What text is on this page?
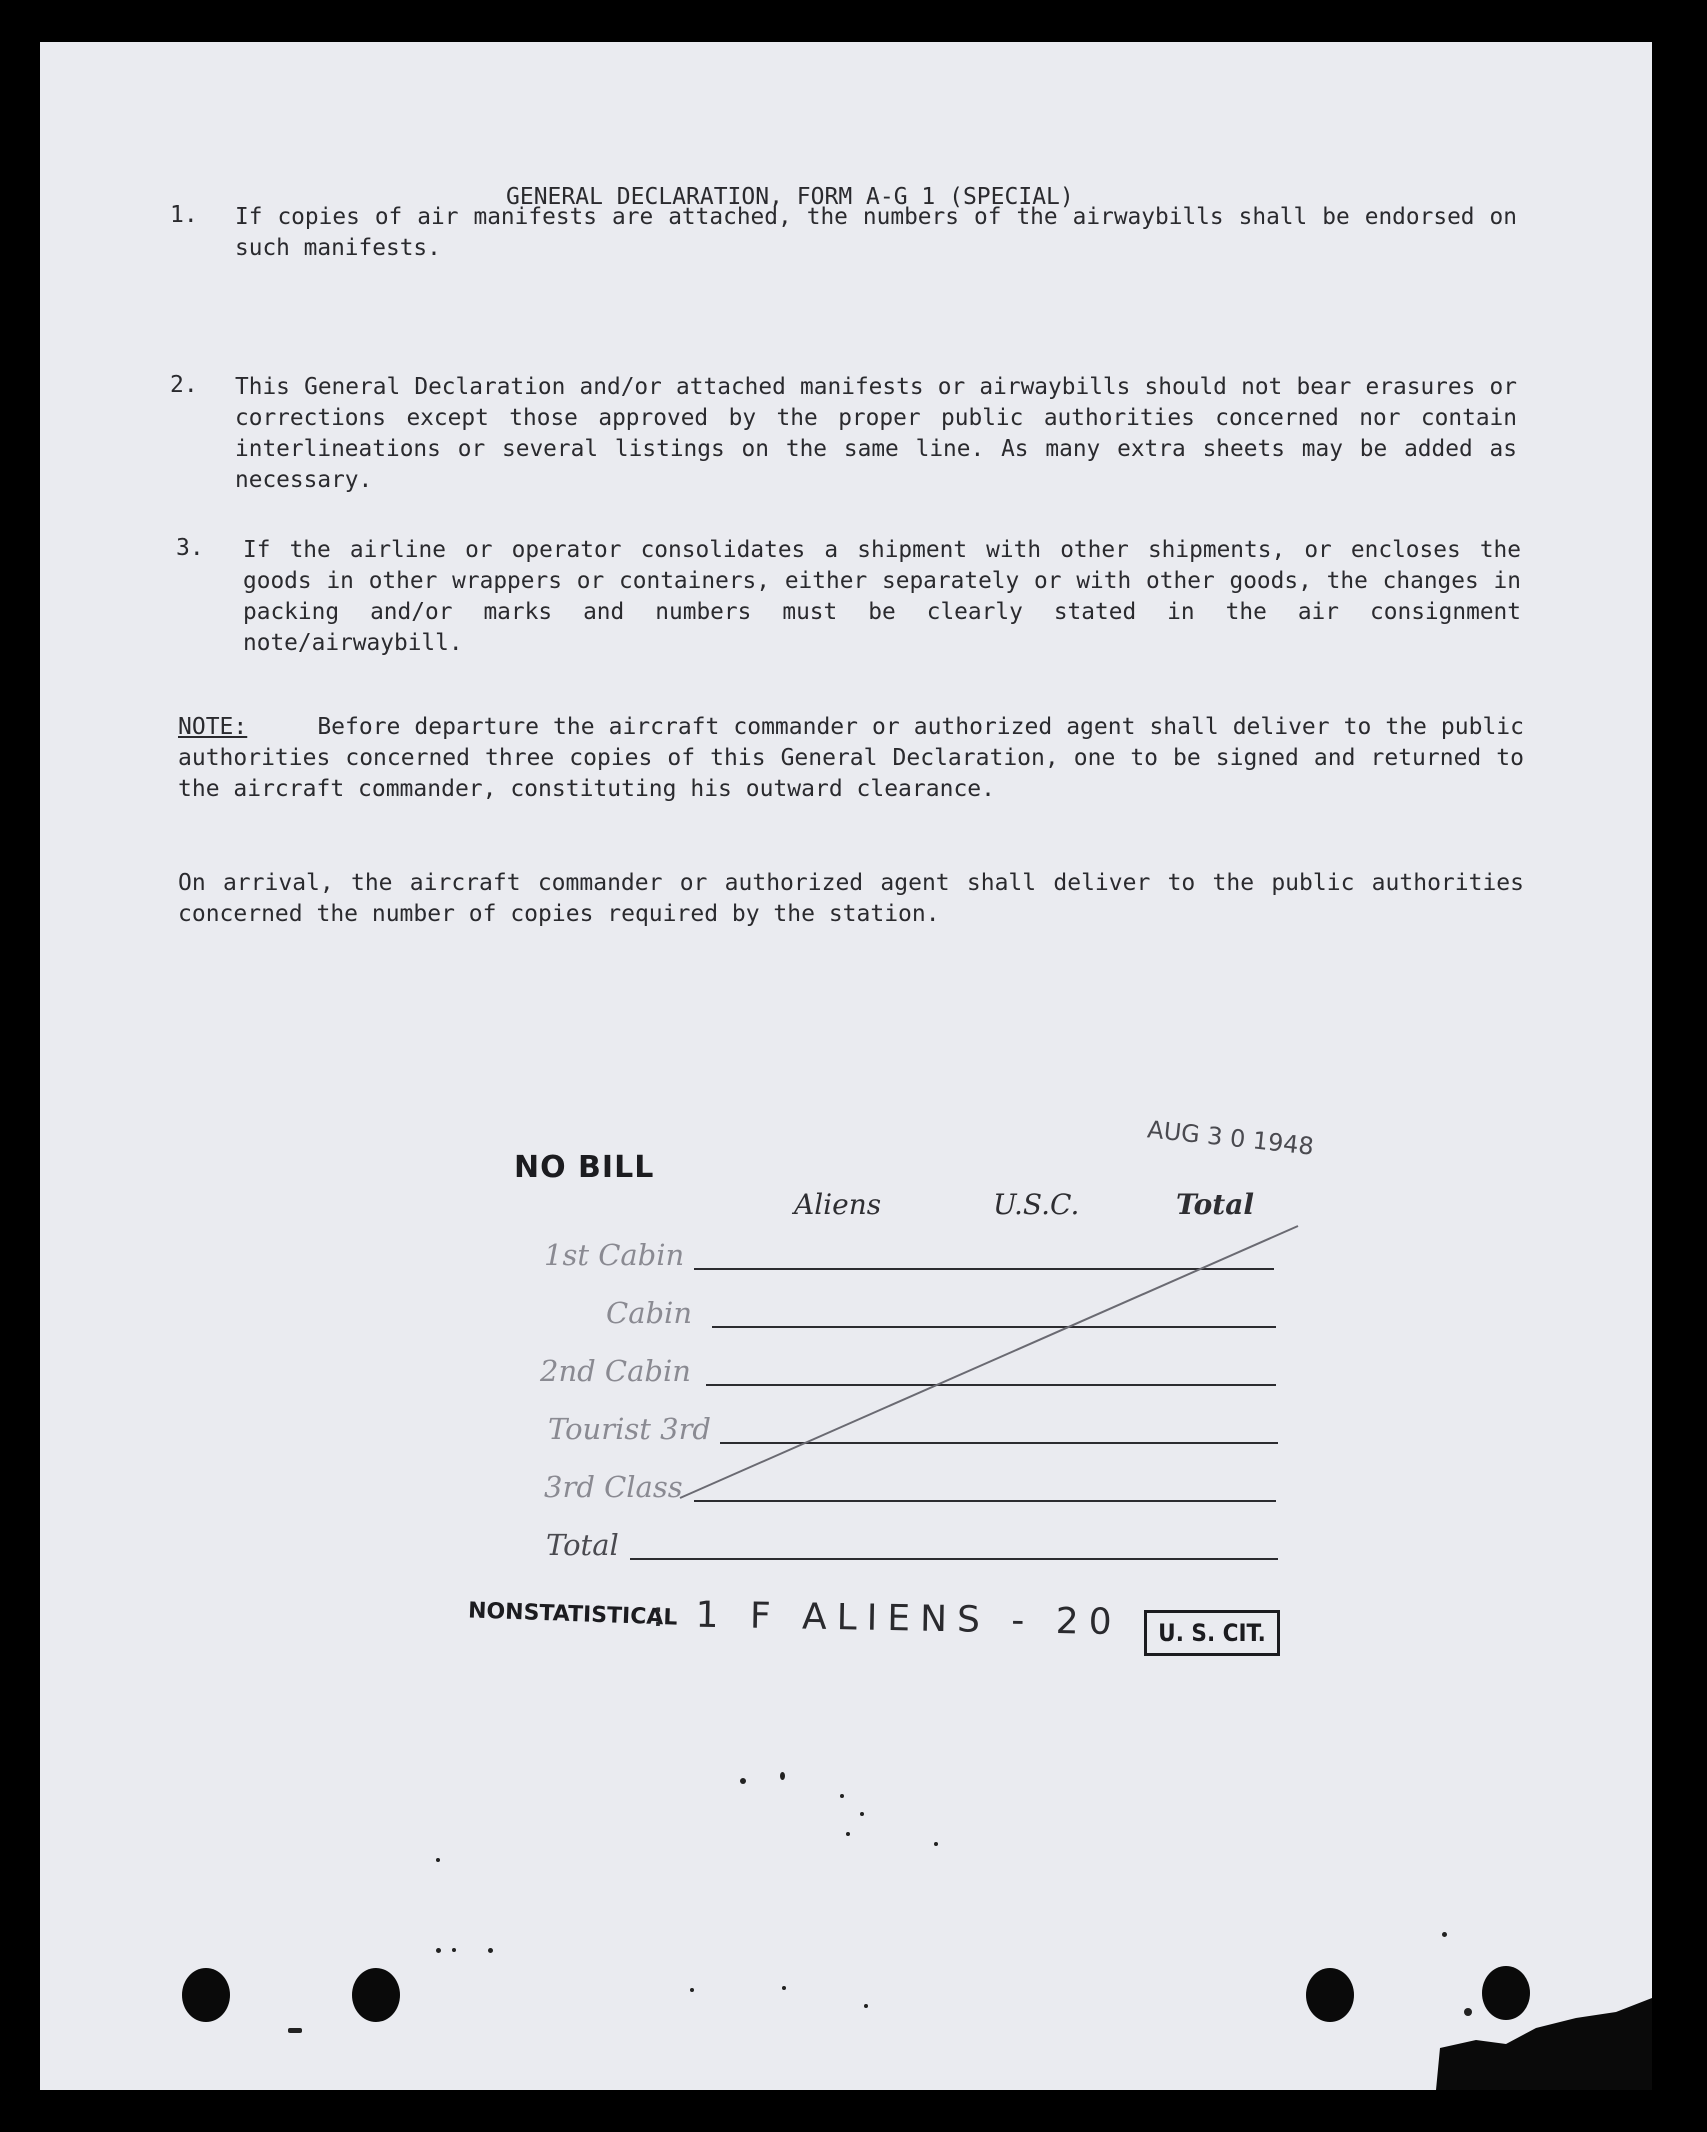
GENERAL DECLARATION, FORM A-G 1 (SPECIAL)

1. If copies of air manifests are attached, the numbers of the airwaybills shall be endorsed on such manifests.

2. This General Declaration and/or attached manifests or airwaybills should not bear erasures or corrections except those approved by the proper public authorities concerned nor contain interlineations or several listings on the same line. As many extra sheets may be added as necessary.

3. If the airline or operator consolidates a shipment with other shipments, or encloses the goods in other wrappers or containers, either separately or with other goods, the changes in packing and/or marks and numbers must be clearly stated in the air consignment note/airwaybill.

NOTE:	Before departure the aircraft commander or authorized agent shall deliver to the public authorities concerned three copies of this General Declaration, one to be signed and returned to the aircraft commander, constituting his outward clearance.

On arrival, the aircraft commander or authorized agent shall deliver to the public authorities concerned the number of copies required by the station.

NO BILL

AUG 3 0 1948

Aliens	U.S.C.	Total

1st Cabin

Cabin

2nd Cabin

Tourist 3rd

3rd Class

Total

NONSTATISTICAL

: 1 F ALIENS - 20	U. S. CIT.
